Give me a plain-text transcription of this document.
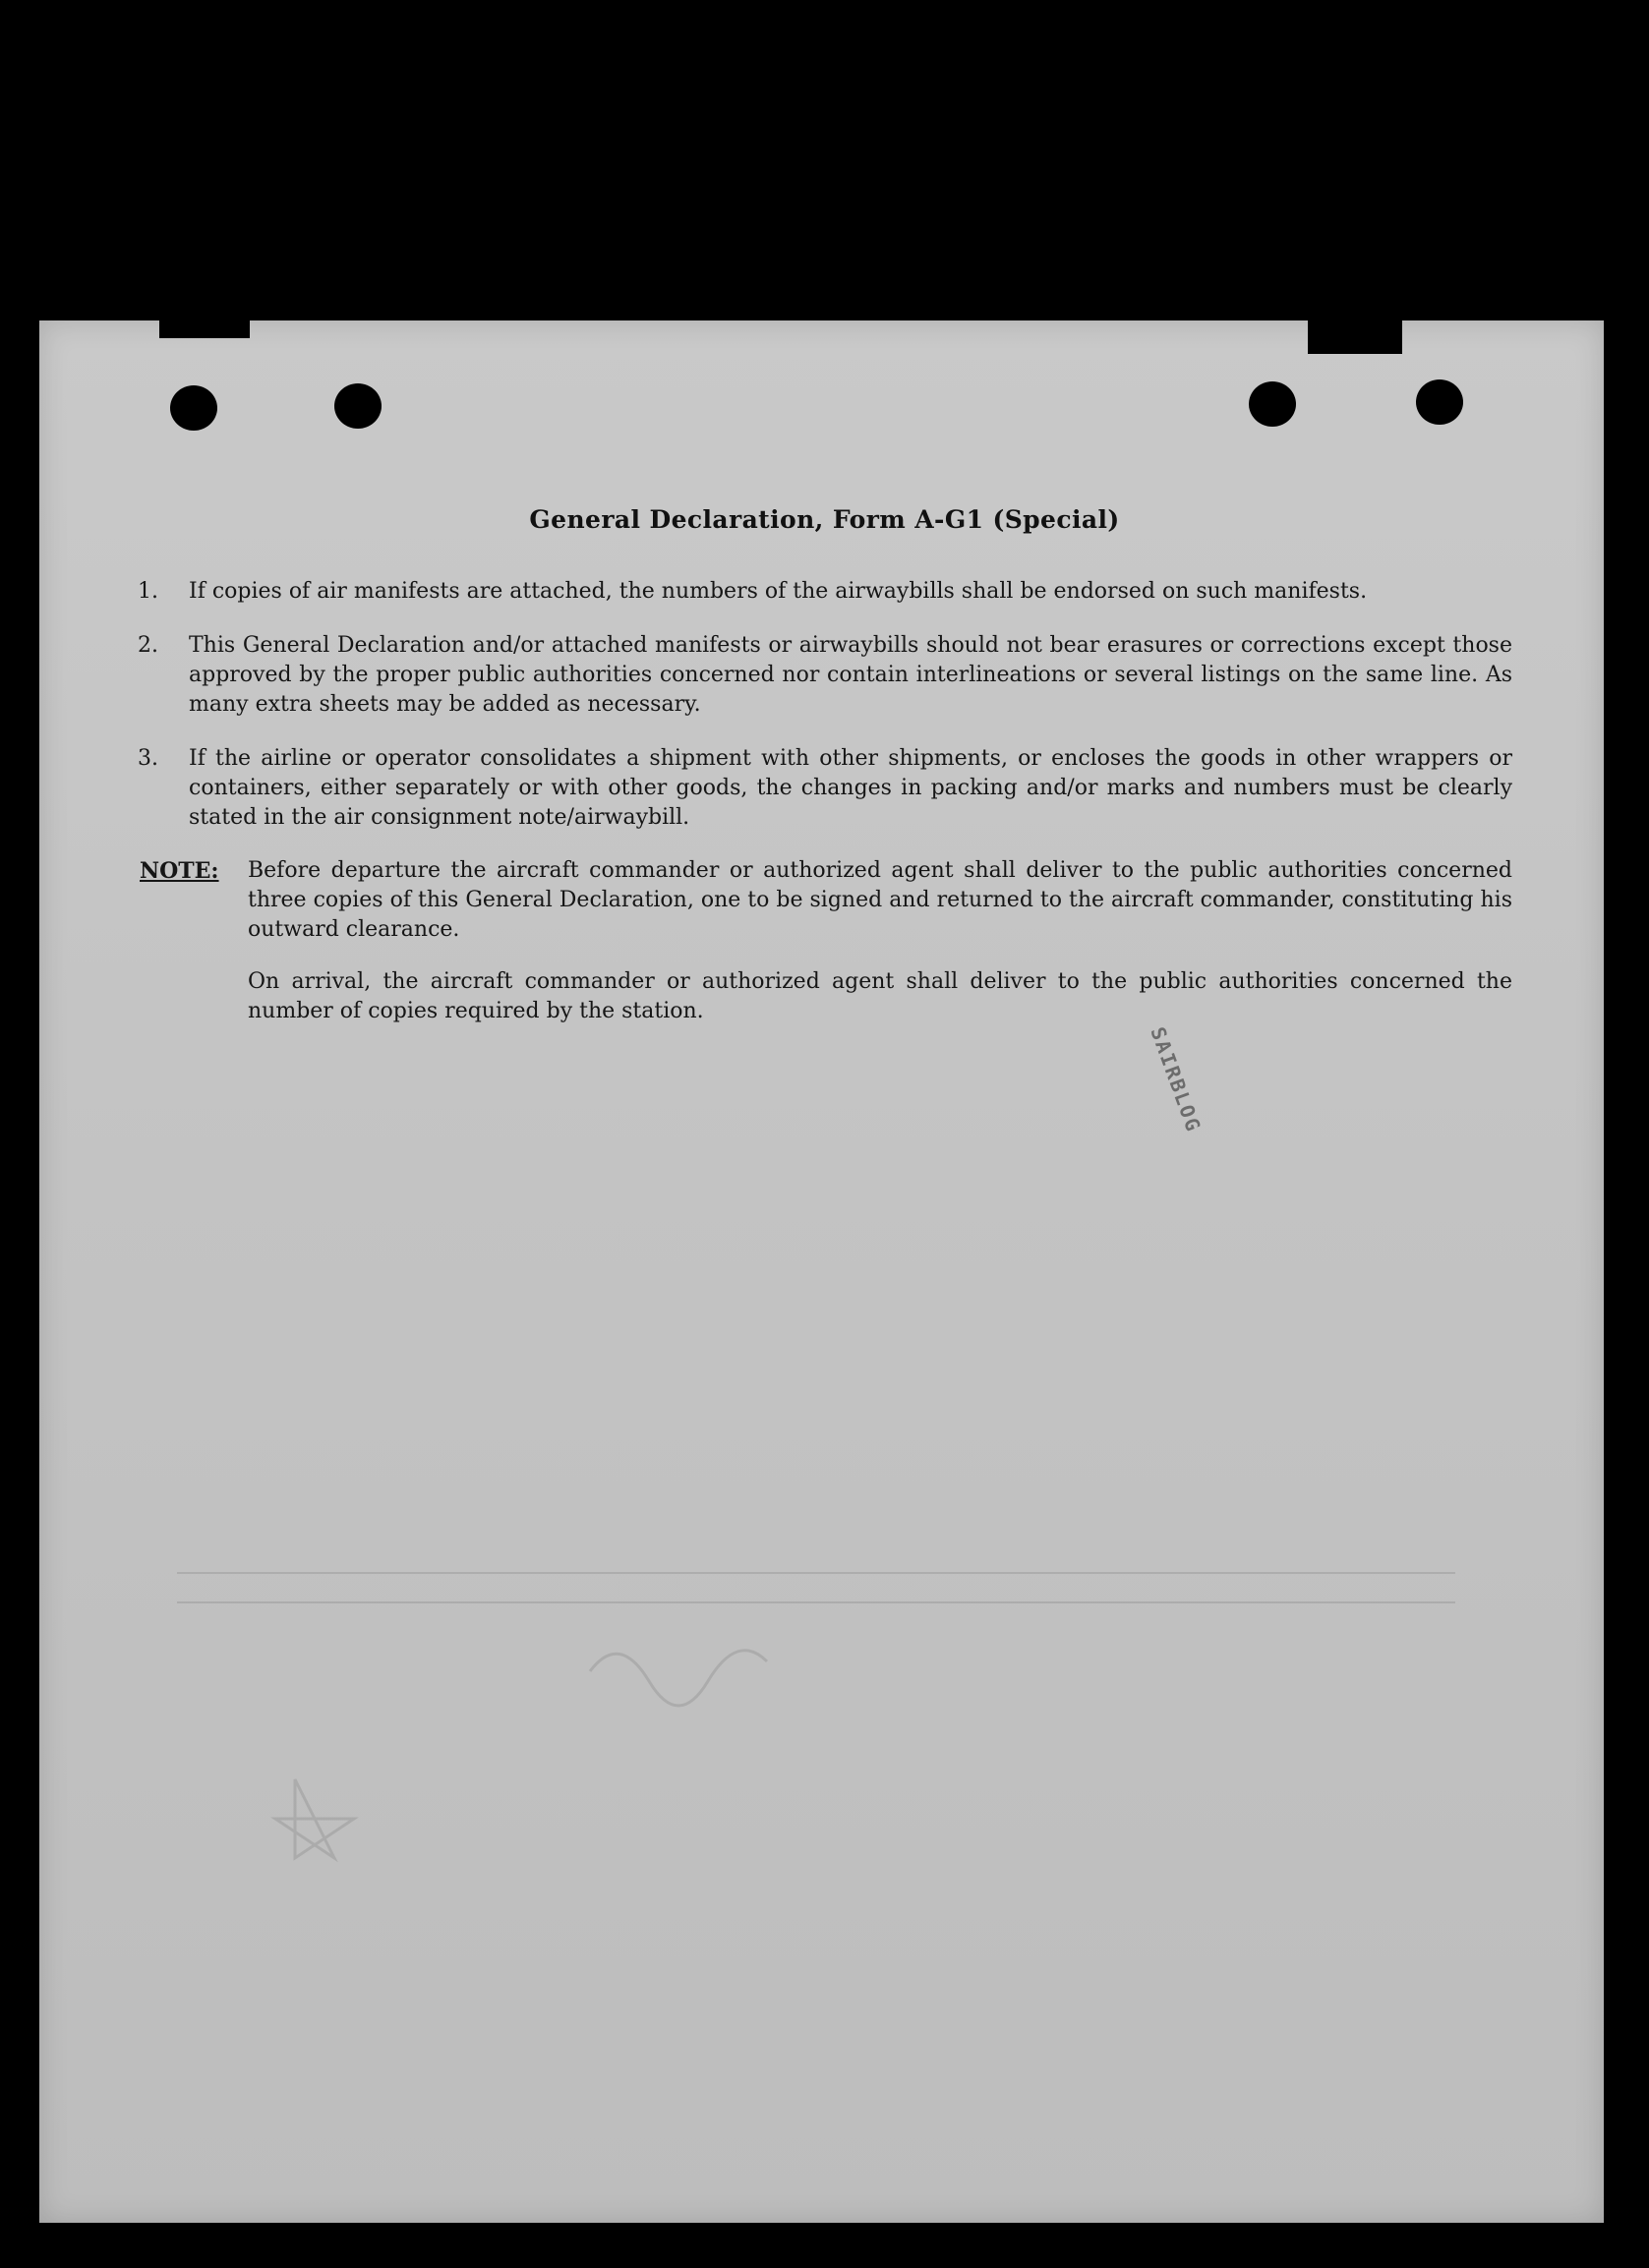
General Declaration, Form A-G1 (Special)
1.	If copies of air manifests are attached, the numbers of the airwaybills shall be endorsed on such manifests.
2.	This General Declaration and/or attached manifests or airwaybills should not bear erasures or corrections except those approved by the proper public authorities concerned nor contain interlineations or several listings on the same line. As many extra sheets may be added as necessary.
3.	If the airline or operator consolidates a shipment with other shipments, or encloses the goods in other wrappers or containers, either separately or with other goods, the changes in packing and/or marks and numbers must be clearly stated in the air consignment note/airwaybill.
NOTE: Before departure the aircraft commander or authorized agent shall deliver to the public authorities concerned three copies of this General Declaration, one to be signed and returned to the aircraft commander, constituting his outward clearance.
On arrival, the aircraft commander or authorized agent shall deliver to the public authorities concerned the number of copies required by the station.
SAIRBLOG
